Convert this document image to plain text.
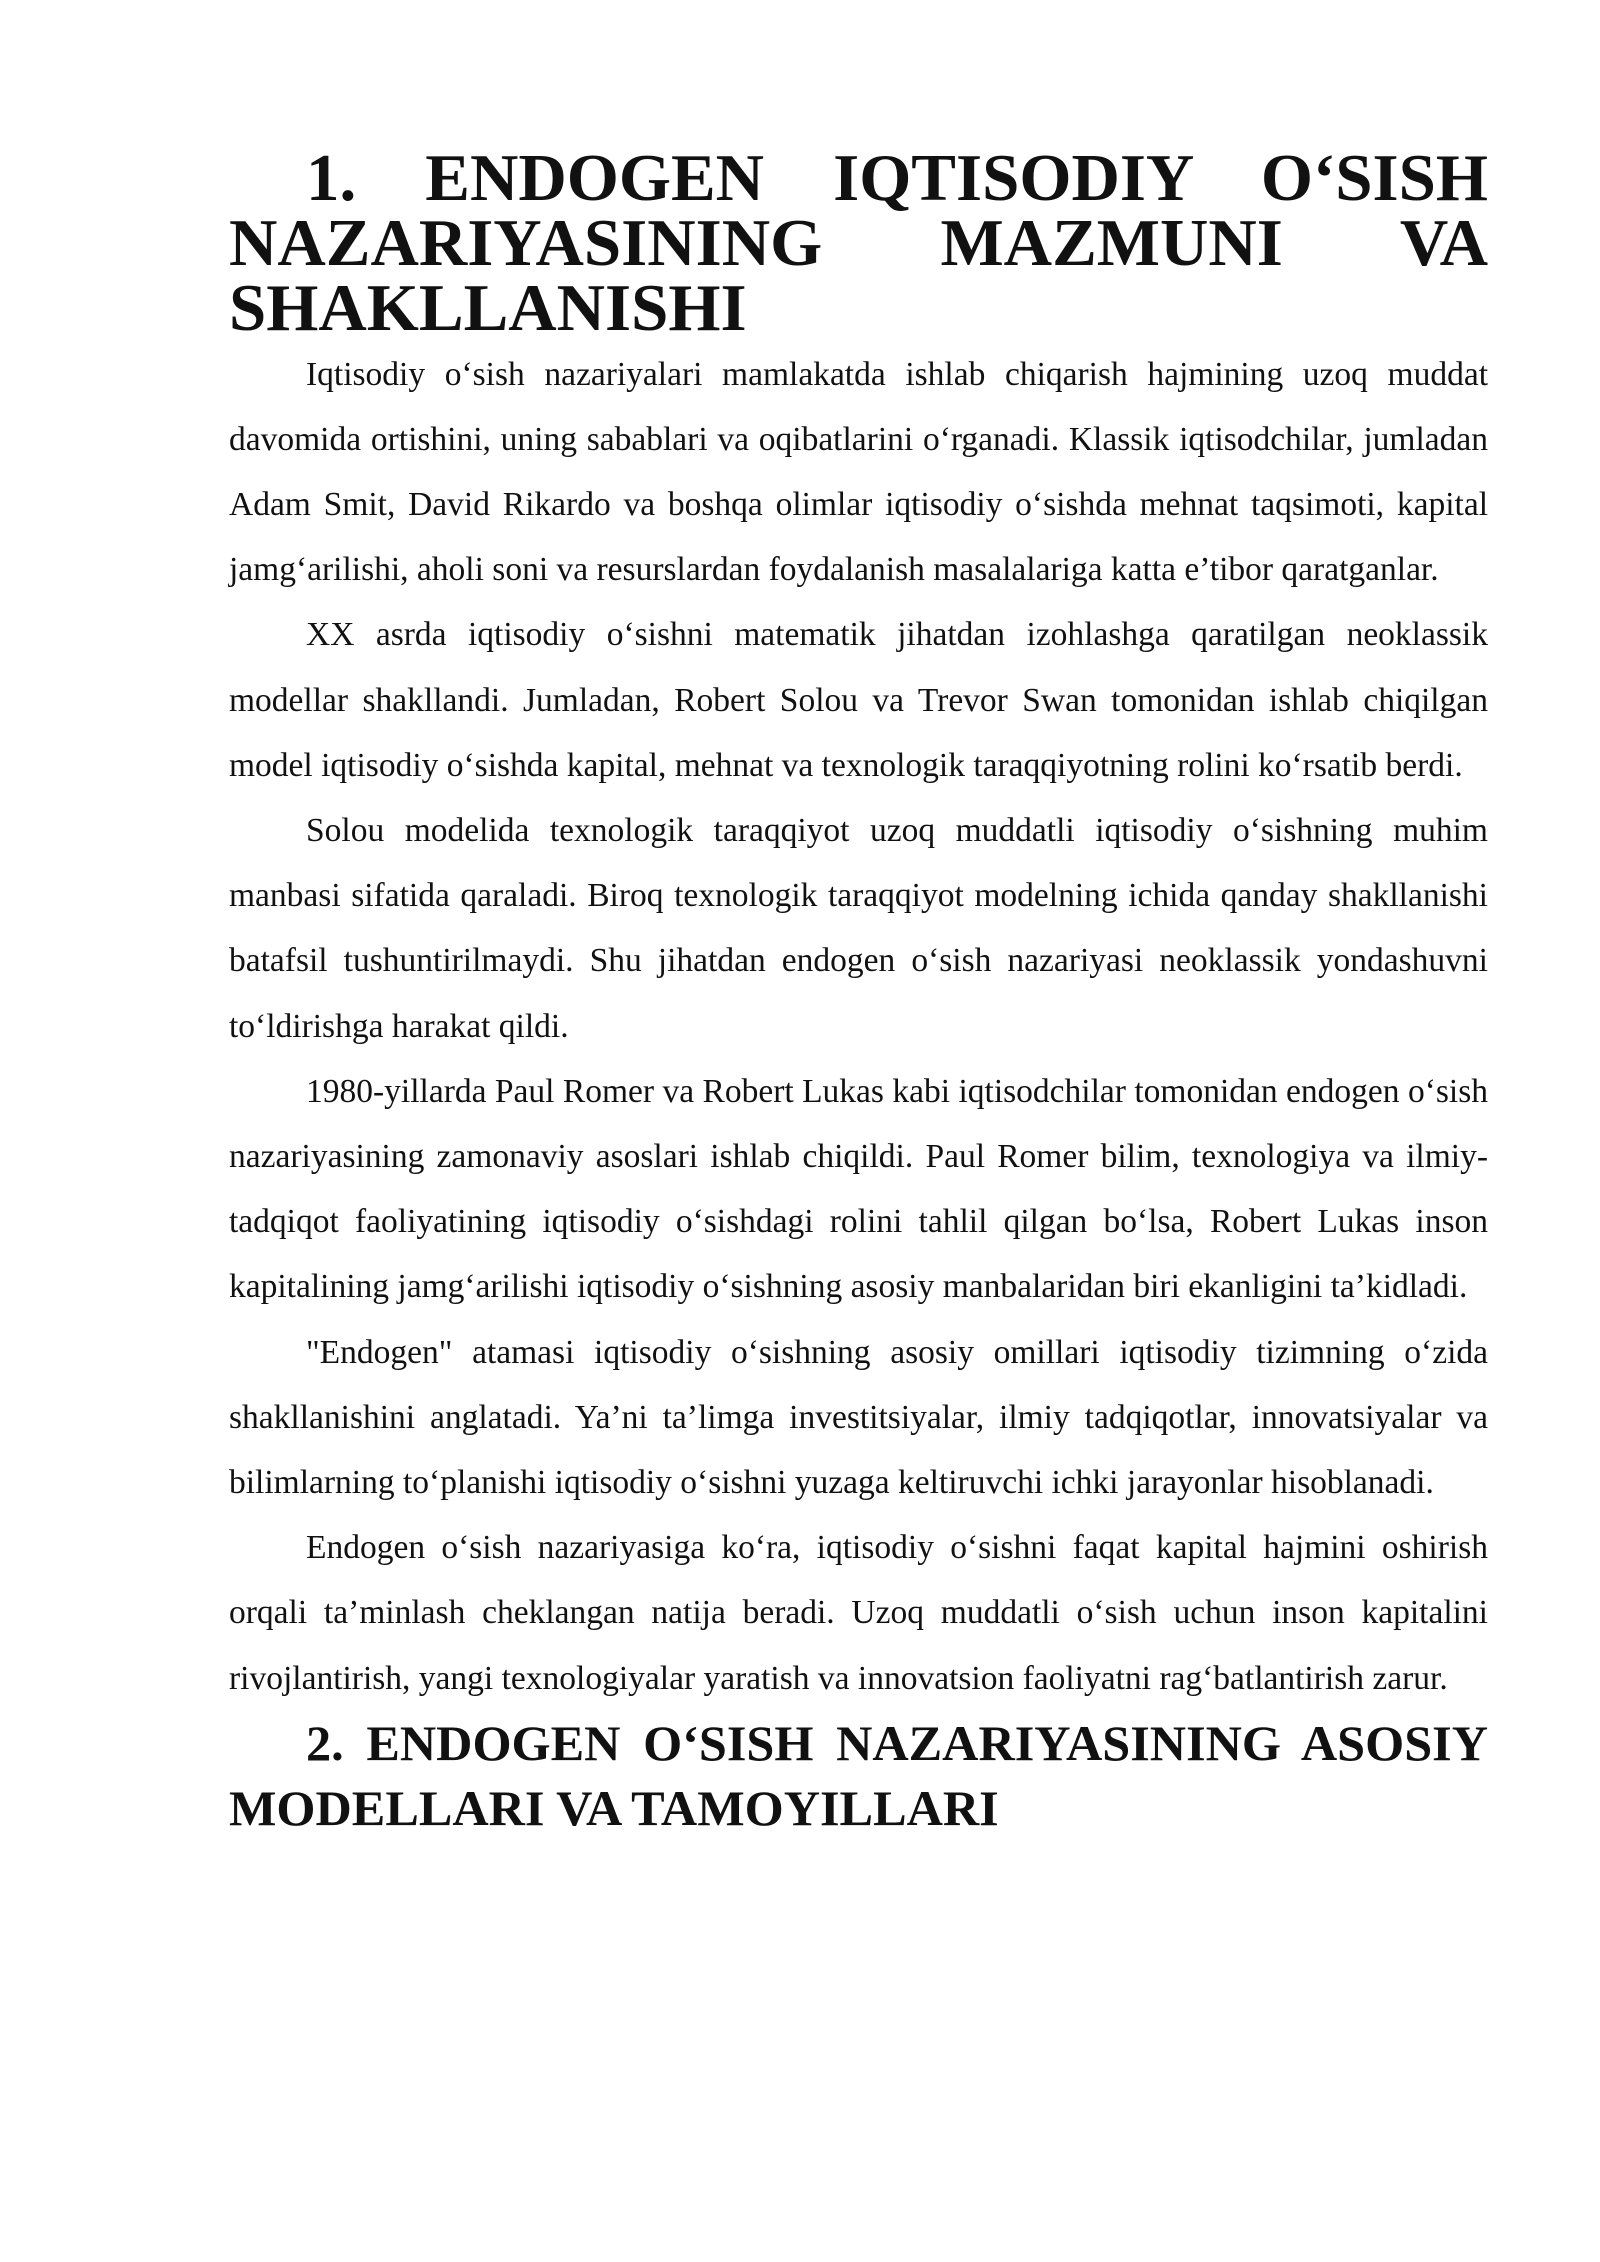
1. ENDOGEN IQTISODIY O‘SISH NAZARIYASINING MAZMUNI VA SHAKLLANISHI

Iqtisodiy o‘sish nazariyalari mamlakatda ishlab chiqarish hajmining uzoq muddat davomida ortishini, uning sabablari va oqibatlarini o‘rganadi. Klassik iqtisodchilar, jumladan Adam Smit, David Rikardo va boshqa olimlar iqtisodiy o‘sishda mehnat taqsimoti, kapital jamg‘arilishi, aholi soni va resurslardan foydalanish masalalariga katta e’tibor qaratganlar.

XX asrda iqtisodiy o‘sishni matematik jihatdan izohlashga qaratilgan neoklassik modellar shakllandi. Jumladan, Robert Solou va Trevor Swan tomonidan ishlab chiqilgan model iqtisodiy o‘sishda kapital, mehnat va texnologik taraqqiyotning rolini ko‘rsatib berdi.

Solou modelida texnologik taraqqiyot uzoq muddatli iqtisodiy o‘sishning muhim manbasi sifatida qaraladi. Biroq texnologik taraqqiyot modelning ichida qanday shakllanishi batafsil tushuntirilmaydi. Shu jihatdan endogen o‘sish nazariyasi neoklassik yondashuvni to‘ldirishga harakat qildi.

1980-yillarda Paul Romer va Robert Lukas kabi iqtisodchilar tomonidan endogen o‘sish nazariyasining zamonaviy asoslari ishlab chiqildi. Paul Romer bilim, texnologiya va ilmiy-tadqiqot faoliyatining iqtisodiy o‘sishdagi rolini tahlil qilgan bo‘lsa, Robert Lukas inson kapitalining jamg‘arilishi iqtisodiy o‘sishning asosiy manbalaridan biri ekanligini ta’kidladi.

"Endogen" atamasi iqtisodiy o‘sishning asosiy omillari iqtisodiy tizimning o‘zida shakllanishini anglatadi. Ya’ni ta’limga investitsiyalar, ilmiy tadqiqotlar, innovatsiyalar va bilimlarning to‘planishi iqtisodiy o‘sishni yuzaga keltiruvchi ichki jarayonlar hisoblanadi.

Endogen o‘sish nazariyasiga ko‘ra, iqtisodiy o‘sishni faqat kapital hajmini oshirish orqali ta’minlash cheklangan natija beradi. Uzoq muddatli o‘sish uchun inson kapitalini rivojlantirish, yangi texnologiyalar yaratish va innovatsion faoliyatni rag‘batlantirish zarur.

2. ENDOGEN O‘SISH NAZARIYASINING ASOSIY MODELLARI VA TAMOYILLARI
